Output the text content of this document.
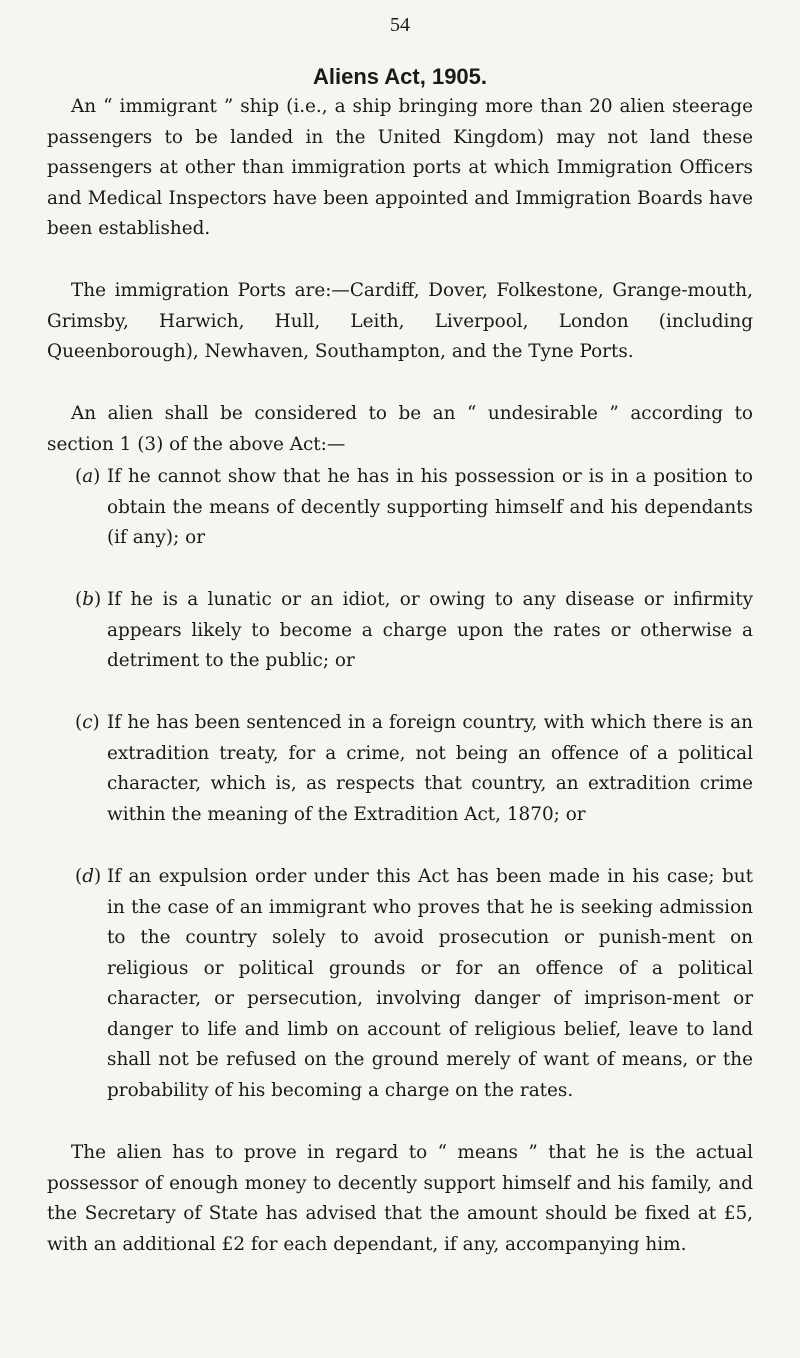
54
Aliens Act, 1905.

An “ immigrant ” ship (i.e., a ship bringing more than 20 alien steerage passengers to be landed in the United Kingdom) may not land these passengers at other than immigration ports at which Immigration Officers and Medical Inspectors have been appointed and Immigration Boards have been established.

The immigration Ports are:—Cardiff, Dover, Folkestone, Grange-mouth, Grimsby, Harwich, Hull, Leith, Liverpool, London (including Queenborough), Newhaven, Southampton, and the Tyne Ports.

An alien shall be considered to be an “ undesirable ” according to section 1 (3) of the above Act:—

(a) If he cannot show that he has in his possession or is in a position to obtain the means of decently supporting himself and his dependants (if any); or
(b) If he is a lunatic or an idiot, or owing to any disease or infirmity appears likely to become a charge upon the rates or otherwise a detriment to the public; or
(c) If he has been sentenced in a foreign country, with which there is an extradition treaty, for a crime, not being an offence of a political character, which is, as respects that country, an extradition crime within the meaning of the Extradition Act, 1870; or
(d) If an expulsion order under this Act has been made in his case; but in the case of an immigrant who proves that he is seeking admission to the country solely to avoid prosecution or punish-ment on religious or political grounds or for an offence of a political character, or persecution, involving danger of imprison-ment or danger to life and limb on account of religious belief, leave to land shall not be refused on the ground merely of want of means, or the probability of his becoming a charge on the rates.

The alien has to prove in regard to “ means ” that he is the actual possessor of enough money to decently support himself and his family, and the Secretary of State has advised that the amount should be fixed at £5, with an additional £2 for each dependant, if any, accompanying him.
